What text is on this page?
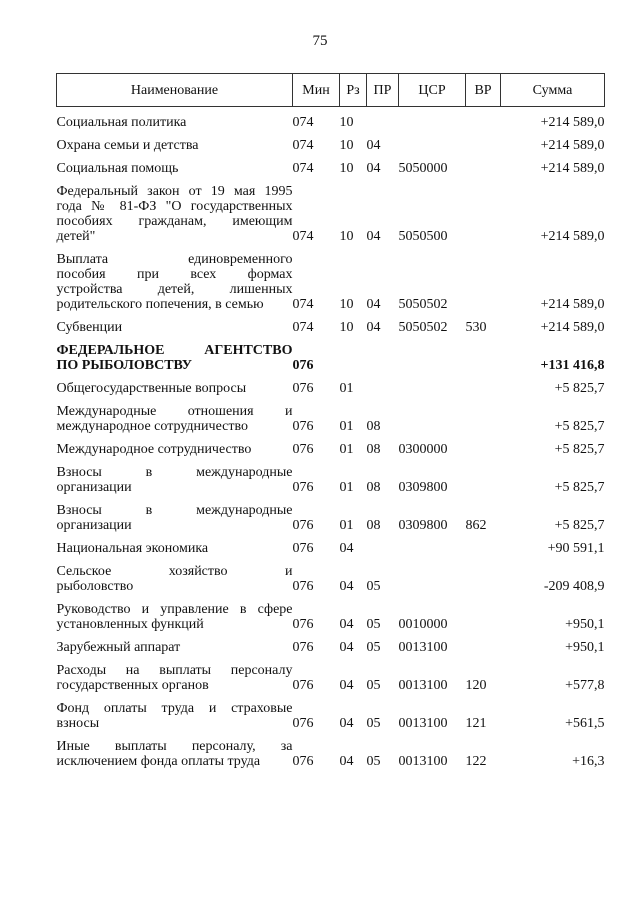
75
Наименование	Мин	Рз	ПР	ЦСР	ВР	Сумма

Социальная политика	074	10				+214 589,0

Охрана семьи и детства	074	10	04			+214 589,0

Социальная помощь	074	10	04	5050000		+214 589,0

Федеральный закон от 19 мая 1995
года № 81-ФЗ "О государственных
пособиях гражданам, имеющим
детей"	074	10	04	5050500		+214 589,0

Выплата единовременного
пособия при всех формах
устройства детей, лишенных
родительского попечения, в семью	074	10	04	5050502		+214 589,0

Субвенции	074	10	04	5050502	530	+214 589,0

ФЕДЕРАЛЬНОЕ АГЕНТСТВО
ПО РЫБОЛОВСТВУ	076					+131 416,8

Общегосударственные вопросы	076	01				+5 825,7

Международные отношения и
международное сотрудничество	076	01	08			+5 825,7

Международное сотрудничество	076	01	08	0300000		+5 825,7

Взносы в международные
организации	076	01	08	0309800		+5 825,7

Взносы в международные
организации	076	01	08	0309800	862	+5 825,7

Национальная экономика	076	04				+90 591,1

Сельское хозяйство и
рыболовство	076	04	05			-209 408,9

Руководство и управление в сфере
установленных функций	076	04	05	0010000		+950,1

Зарубежный аппарат	076	04	05	0013100		+950,1

Расходы на выплаты персоналу
государственных органов	076	04	05	0013100	120	+577,8

Фонд оплаты труда и страховые
взносы	076	04	05	0013100	121	+561,5

Иные выплаты персоналу, за
исключением фонда оплаты труда	076	04	05	0013100	122	+16,3
